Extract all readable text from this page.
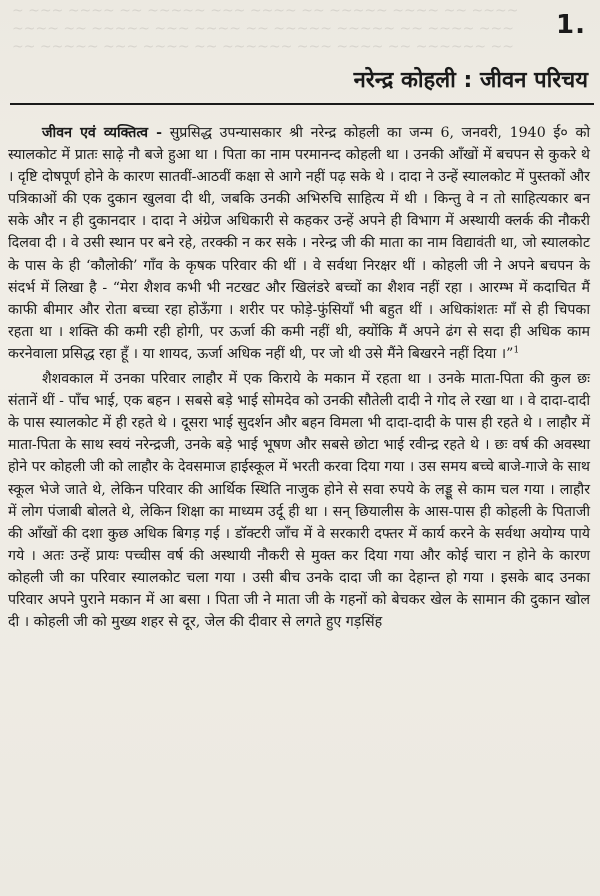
~ ~~~ ~~~~ ~~ ~~~~~ ~~~ ~~~~ ~~ ~~~~~ ~~~~ ~~ ~~~~
~~~~ ~~ ~~~~~ ~~~ ~~~~ ~~ ~~~~~ ~~~~~ ~~ ~~~~ ~~~
~~ ~~~~~ ~~~ ~~~~ ~~ ~~~~~~ ~~~ ~~~~ ~~ ~~~~~~ ~~
1.
नरेन्द्र कोहली : जीवन परिचय

जीवन एवं व्यक्तित्व - सुप्रसिद्ध उपन्यासकार श्री नरेन्द्र कोहली का जन्म 6, जनवरी, 1940 ई० को स्यालकोट में प्रातः साढ़े नौ बजे हुआ था । पिता का नाम परमानन्द कोहली था । उनकी आँखों में बचपन से कुकरे थे । दृष्टि दोषपूर्ण होने के कारण सातवीं-आठवीं कक्षा से आगे नहीं पढ़ सके थे । दादा ने उन्हें स्यालकोट में पुस्तकों और पत्रिकाओं की एक दुकान खुलवा दी थी, जबकि उनकी अभिरुचि साहित्य में थी । किन्तु वे न तो साहित्यकार बन सके और न ही दुकानदार । दादा ने अंग्रेज अधिकारी से कहकर उन्हें अपने ही विभाग में अस्थायी क्लर्क की नौकरी दिलवा दी । वे उसी स्थान पर बने रहे, तरक्की न कर सके । नरेन्द्र जी की माता का नाम विद्यावंती था, जो स्यालकोट के पास के ही ‘कौलोकी’ गाँव के कृषक परिवार की थीं । वे सर्वथा निरक्षर थीं । कोहली जी ने अपने बचपन के संदर्भ में लिखा है - “मेरा शैशव कभी भी नटखट और खिलंडरे बच्चों का शैशव नहीं रहा । आरम्भ में कदाचित मैं काफी बीमार और रोता बच्चा रहा होऊँगा । शरीर पर फोड़े-फुंसियाँ भी बहुत थीं । अधिकांशतः माँ से ही चिपका रहता था । शक्ति की कमी रही होगी, पर ऊर्जा की कमी नहीं थी, क्योंकि मैं अपने ढंग से सदा ही अधिक काम करनेवाला प्रसिद्ध रहा हूँ । या शायद, ऊर्जा अधिक नहीं थी, पर जो थी उसे मैंने बिखरने नहीं दिया ।”$^1$

शैशवकाल में उनका परिवार लाहौर में एक किराये के मकान में रहता था । उनके माता-पिता की कुल छः संतानें थीं - पाँच भाई, एक बहन । सबसे बड़े भाई सोमदेव को उनकी सौतेली दादी ने गोद ले रखा था । वे दादा-दादी के पास स्यालकोट में ही रहते थे । दूसरा भाई सुदर्शन और बहन विमला भी दादा-दादी के पास ही रहते थे । लाहौर में माता-पिता के साथ स्वयं नरेन्द्रजी, उनके बड़े भाई भूषण और सबसे छोटा भाई रवीन्द्र रहते थे । छः वर्ष की अवस्था होने पर कोहली जी को लाहौर के देवसमाज हाईस्कूल में भरती करवा दिया गया । उस समय बच्चे बाजे-गाजे के साथ स्कूल भेजे जाते थे, लेकिन परिवार की आर्थिक स्थिति नाजुक होने से सवा रुपये के लड्डू से काम चल गया । लाहौर में लोग पंजाबी बोलते थे, लेकिन शिक्षा का माध्यम उर्दू ही था । सन् छियालीस के आस-पास ही कोहली के पिताजी की आँखों की दशा कुछ अधिक बिगड़ गई । डॉक्टरी जाँच में वे सरकारी दफ्तर में कार्य करने के सर्वथा अयोग्य पाये गये । अतः उन्हें प्रायः पच्चीस वर्ष की अस्थायी नौकरी से मुक्त कर दिया गया और कोई चारा न होने के कारण कोहली जी का परिवार स्यालकोट चला गया । उसी बीच उनके दादा जी का देहान्त हो गया । इसके बाद उनका परिवार अपने पुराने मकान में आ बसा । पिता जी ने माता जी के गहनों को बेचकर खेल के सामान की दुकान खोल दी । कोहली जी को मुख्य शहर से दूर, जेल की दीवार से लगते हुए गड़सिंह
